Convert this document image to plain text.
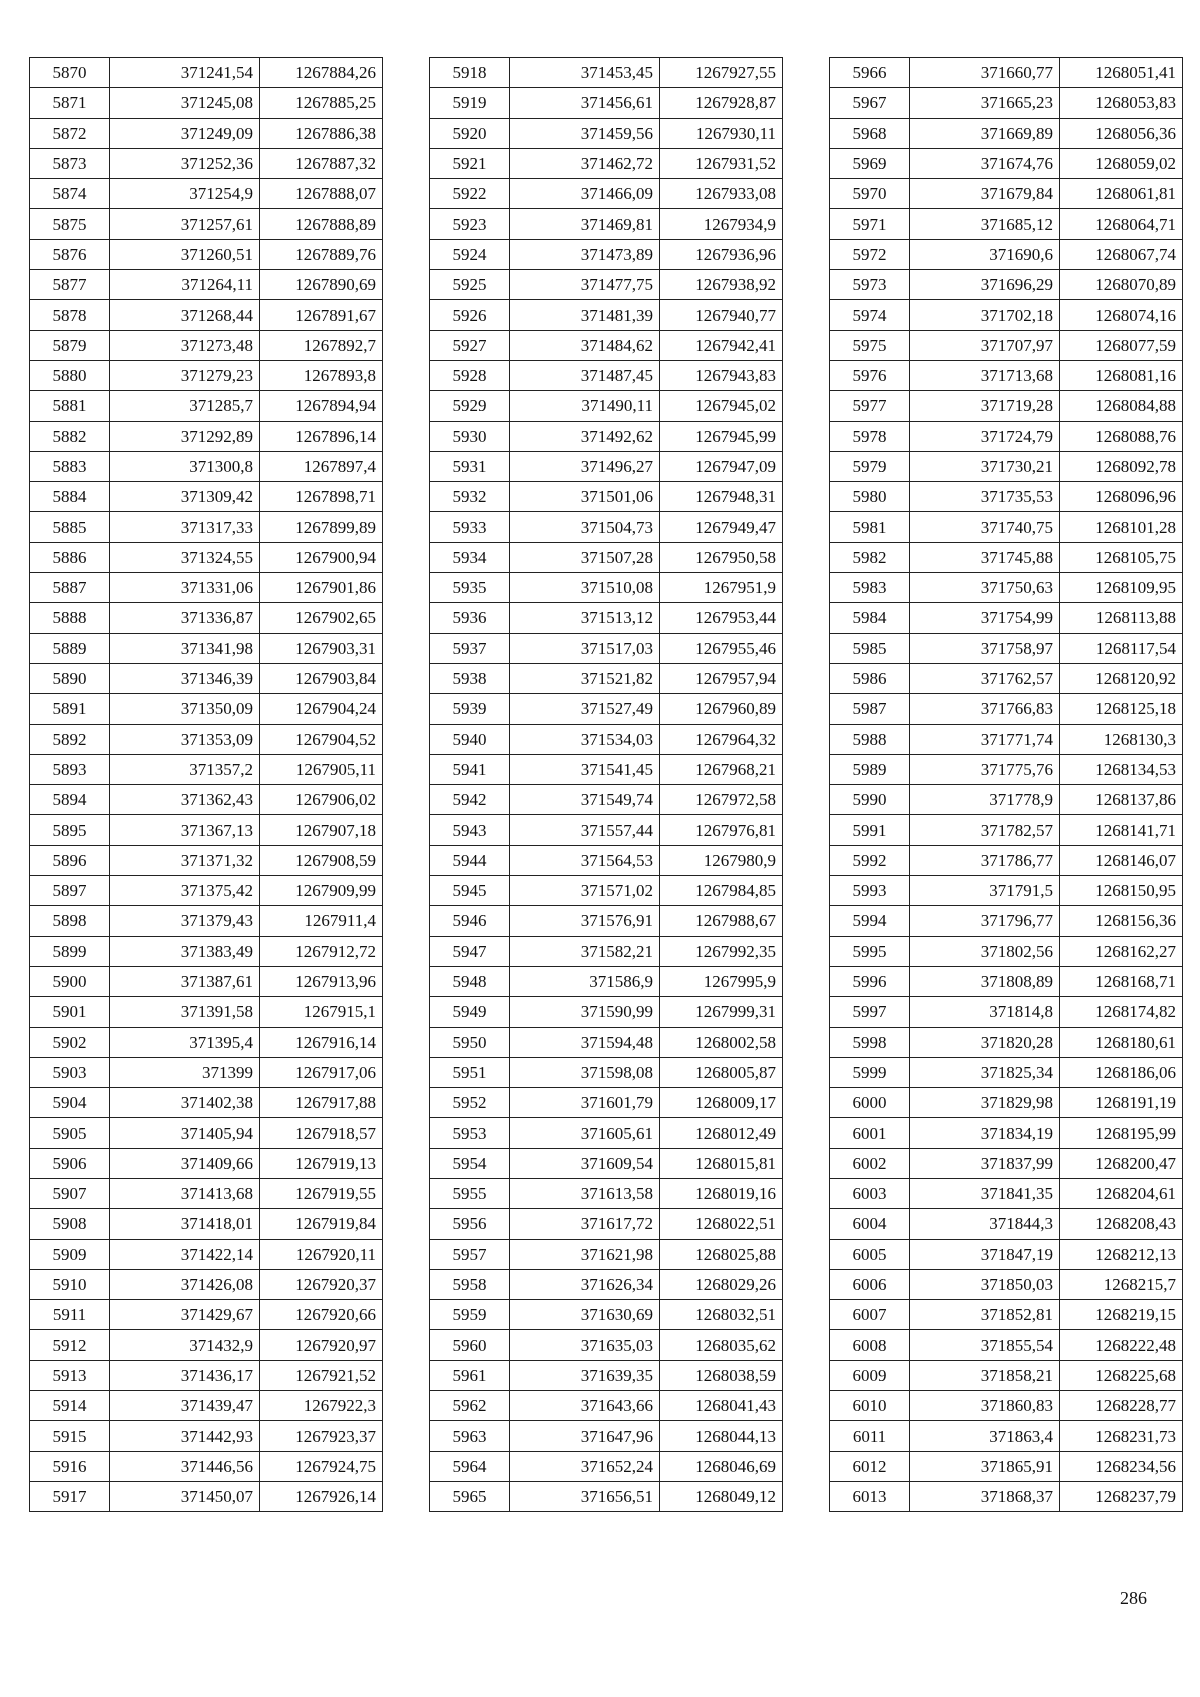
5870	371241,54	1267884,26
5871	371245,08	1267885,25
5872	371249,09	1267886,38
5873	371252,36	1267887,32
5874	371254,9	1267888,07
5875	371257,61	1267888,89
5876	371260,51	1267889,76
5877	371264,11	1267890,69
5878	371268,44	1267891,67
5879	371273,48	1267892,7
5880	371279,23	1267893,8
5881	371285,7	1267894,94
5882	371292,89	1267896,14
5883	371300,8	1267897,4
5884	371309,42	1267898,71
5885	371317,33	1267899,89
5886	371324,55	1267900,94
5887	371331,06	1267901,86
5888	371336,87	1267902,65
5889	371341,98	1267903,31
5890	371346,39	1267903,84
5891	371350,09	1267904,24
5892	371353,09	1267904,52
5893	371357,2	1267905,11
5894	371362,43	1267906,02
5895	371367,13	1267907,18
5896	371371,32	1267908,59
5897	371375,42	1267909,99
5898	371379,43	1267911,4
5899	371383,49	1267912,72
5900	371387,61	1267913,96
5901	371391,58	1267915,1
5902	371395,4	1267916,14
5903	371399	1267917,06
5904	371402,38	1267917,88
5905	371405,94	1267918,57
5906	371409,66	1267919,13
5907	371413,68	1267919,55
5908	371418,01	1267919,84
5909	371422,14	1267920,11
5910	371426,08	1267920,37
5911	371429,67	1267920,66
5912	371432,9	1267920,97
5913	371436,17	1267921,52
5914	371439,47	1267922,3
5915	371442,93	1267923,37
5916	371446,56	1267924,75
5917	371450,07	1267926,14
5918	371453,45	1267927,55
5919	371456,61	1267928,87
5920	371459,56	1267930,11
5921	371462,72	1267931,52
5922	371466,09	1267933,08
5923	371469,81	1267934,9
5924	371473,89	1267936,96
5925	371477,75	1267938,92
5926	371481,39	1267940,77
5927	371484,62	1267942,41
5928	371487,45	1267943,83
5929	371490,11	1267945,02
5930	371492,62	1267945,99
5931	371496,27	1267947,09
5932	371501,06	1267948,31
5933	371504,73	1267949,47
5934	371507,28	1267950,58
5935	371510,08	1267951,9
5936	371513,12	1267953,44
5937	371517,03	1267955,46
5938	371521,82	1267957,94
5939	371527,49	1267960,89
5940	371534,03	1267964,32
5941	371541,45	1267968,21
5942	371549,74	1267972,58
5943	371557,44	1267976,81
5944	371564,53	1267980,9
5945	371571,02	1267984,85
5946	371576,91	1267988,67
5947	371582,21	1267992,35
5948	371586,9	1267995,9
5949	371590,99	1267999,31
5950	371594,48	1268002,58
5951	371598,08	1268005,87
5952	371601,79	1268009,17
5953	371605,61	1268012,49
5954	371609,54	1268015,81
5955	371613,58	1268019,16
5956	371617,72	1268022,51
5957	371621,98	1268025,88
5958	371626,34	1268029,26
5959	371630,69	1268032,51
5960	371635,03	1268035,62
5961	371639,35	1268038,59
5962	371643,66	1268041,43
5963	371647,96	1268044,13
5964	371652,24	1268046,69
5965	371656,51	1268049,12
5966	371660,77	1268051,41
5967	371665,23	1268053,83
5968	371669,89	1268056,36
5969	371674,76	1268059,02
5970	371679,84	1268061,81
5971	371685,12	1268064,71
5972	371690,6	1268067,74
5973	371696,29	1268070,89
5974	371702,18	1268074,16
5975	371707,97	1268077,59
5976	371713,68	1268081,16
5977	371719,28	1268084,88
5978	371724,79	1268088,76
5979	371730,21	1268092,78
5980	371735,53	1268096,96
5981	371740,75	1268101,28
5982	371745,88	1268105,75
5983	371750,63	1268109,95
5984	371754,99	1268113,88
5985	371758,97	1268117,54
5986	371762,57	1268120,92
5987	371766,83	1268125,18
5988	371771,74	1268130,3
5989	371775,76	1268134,53
5990	371778,9	1268137,86
5991	371782,57	1268141,71
5992	371786,77	1268146,07
5993	371791,5	1268150,95
5994	371796,77	1268156,36
5995	371802,56	1268162,27
5996	371808,89	1268168,71
5997	371814,8	1268174,82
5998	371820,28	1268180,61
5999	371825,34	1268186,06
6000	371829,98	1268191,19
6001	371834,19	1268195,99
6002	371837,99	1268200,47
6003	371841,35	1268204,61
6004	371844,3	1268208,43
6005	371847,19	1268212,13
6006	371850,03	1268215,7
6007	371852,81	1268219,15
6008	371855,54	1268222,48
6009	371858,21	1268225,68
6010	371860,83	1268228,77
6011	371863,4	1268231,73
6012	371865,91	1268234,56
6013	371868,37	1268237,79
286
